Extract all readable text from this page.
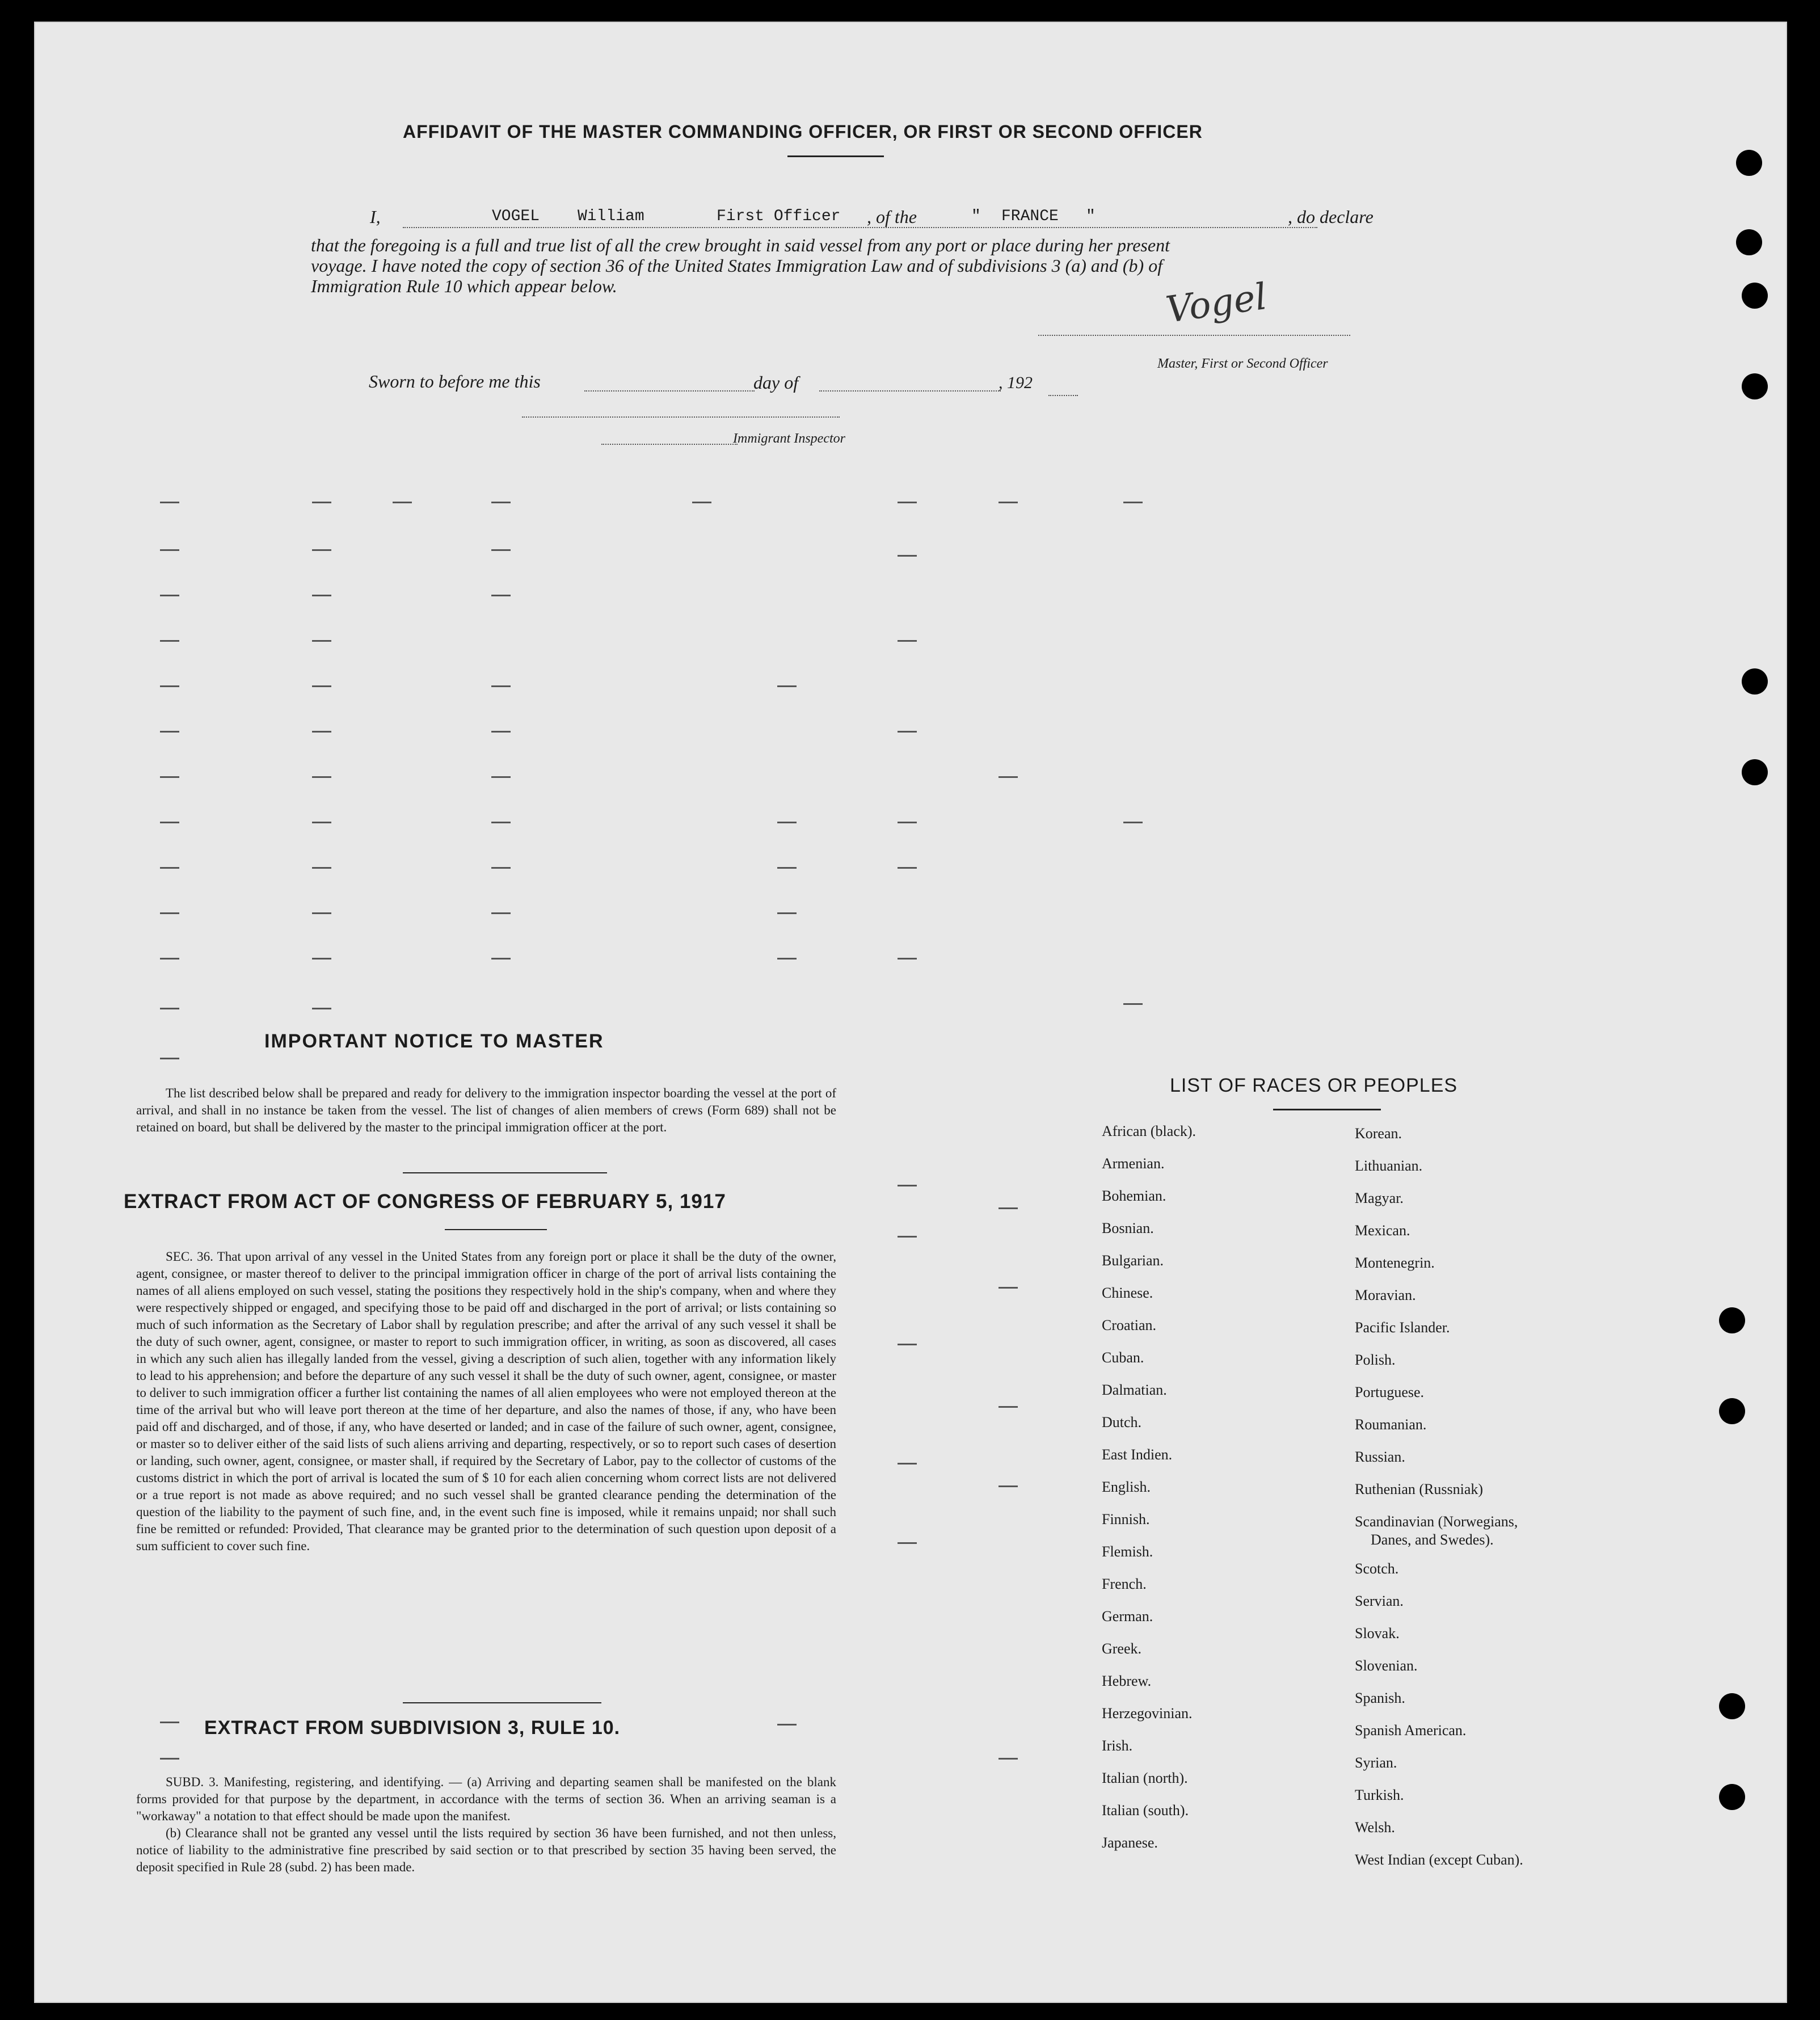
AFFIDAVIT OF THE MASTER COMMANDING OFFICER, OR FIRST OR SECOND OFFICER
I,	VOGEL William	First Officer , of the	" FRANCE "	, do declare
that the foregoing is a full and true list of all the crew brought in said vessel from any port or place during her present
voyage. I have noted the copy of section 36 of the United States Immigration Law and of subdivisions 3 (a) and (b) of
Immigration Rule 10 which appear below.	Vogel
Master, First or Second Officer
Sworn to before me this	day of	, 192
Immigrant Inspector
IMPORTANT NOTICE TO MASTER

The list described below shall be prepared and ready for delivery to the immigration inspector boarding the vessel at the port of arrival, and shall in no instance be taken from the vessel. The list of changes of alien members of crews (Form 689) shall not be retained on board, but shall be delivered by the master to the principal immigration officer at the port.

EXTRACT FROM ACT OF CONGRESS OF FEBRUARY 5, 1917

SEC. 36. That upon arrival of any vessel in the United States from any foreign port or place it shall be the duty of the owner, agent, consignee, or master thereof to deliver to the principal immigration officer in charge of the port of arrival lists containing the names of all aliens employed on such vessel, stating the positions they respectively hold in the ship's company, when and where they were respectively shipped or engaged, and specifying those to be paid off and discharged in the port of arrival; or lists containing so much of such information as the Secretary of Labor shall by regulation prescribe; and after the arrival of any such vessel it shall be the duty of such owner, agent, consignee, or master to report to such immigration officer, in writing, as soon as discovered, all cases in which any such alien has illegally landed from the vessel, giving a description of such alien, together with any information likely to lead to his apprehension; and before the departure of any such vessel it shall be the duty of such owner, agent, consignee, or master to deliver to such immigration officer a further list containing the names of all alien employees who were not employed thereon at the time of the arrival but who will leave port thereon at the time of her departure, and also the names of those, if any, who have been paid off and discharged, and of those, if any, who have deserted or landed; and in case of the failure of such owner, agent, consignee, or master so to deliver either of the said lists of such aliens arriving and departing, respectively, or so to report such cases of desertion or landing, such owner, agent, consignee, or master shall, if required by the Secretary of Labor, pay to the collector of customs of the customs district in which the port of arrival is located the sum of $ 10 for each alien concerning whom correct lists are not delivered or a true report is not made as above required; and no such vessel shall be granted clearance pending the determination of the question of the liability to the payment of such fine, and, in the event such fine is imposed, while it remains unpaid; nor shall such fine be remitted or refunded: Provided, That clearance may be granted prior to the determination of such question upon deposit of a sum sufficient to cover such fine.

EXTRACT FROM SUBDIVISION 3, RULE 10.

SUBD. 3. Manifesting, registering, and identifying. — (a) Arriving and departing seamen shall be manifested on the blank forms provided for that purpose by the department, in accordance with the terms of section 36. When an arriving seaman is a "workaway" a notation to that effect should be made upon the manifest.

(b) Clearance shall not be granted any vessel until the lists required by section 36 have been furnished, and not then unless, notice of liability to the administrative fine prescribed by said section or to that prescribed by section 35 having been served, the deposit specified in Rule 28 (subd. 2) has been made.

LIST OF RACES OR PEOPLES
African (black).
Armenian.
Bohemian.
Bosnian.
Bulgarian.
Chinese.
Croatian.
Cuban.
Dalmatian.
Dutch.
East Indien.
English.
Finnish.
Flemish.
French.
German.
Greek.
Hebrew.
Herzegovinian.
Irish.
Italian (north).
Italian (south).
Japanese.
Korean.
Lithuanian.
Magyar.
Mexican.
Montenegrin.
Moravian.
Pacific Islander.
Polish.
Portuguese.
Roumanian.
Russian.
Ruthenian (Russniak)
Scandinavian (Norwegians,
Danes, and Swedes).
Scotch.
Servian.
Slovak.
Slovenian.
Spanish.
Spanish American.
Syrian.
Turkish.
Welsh.
West Indian (except Cuban).
